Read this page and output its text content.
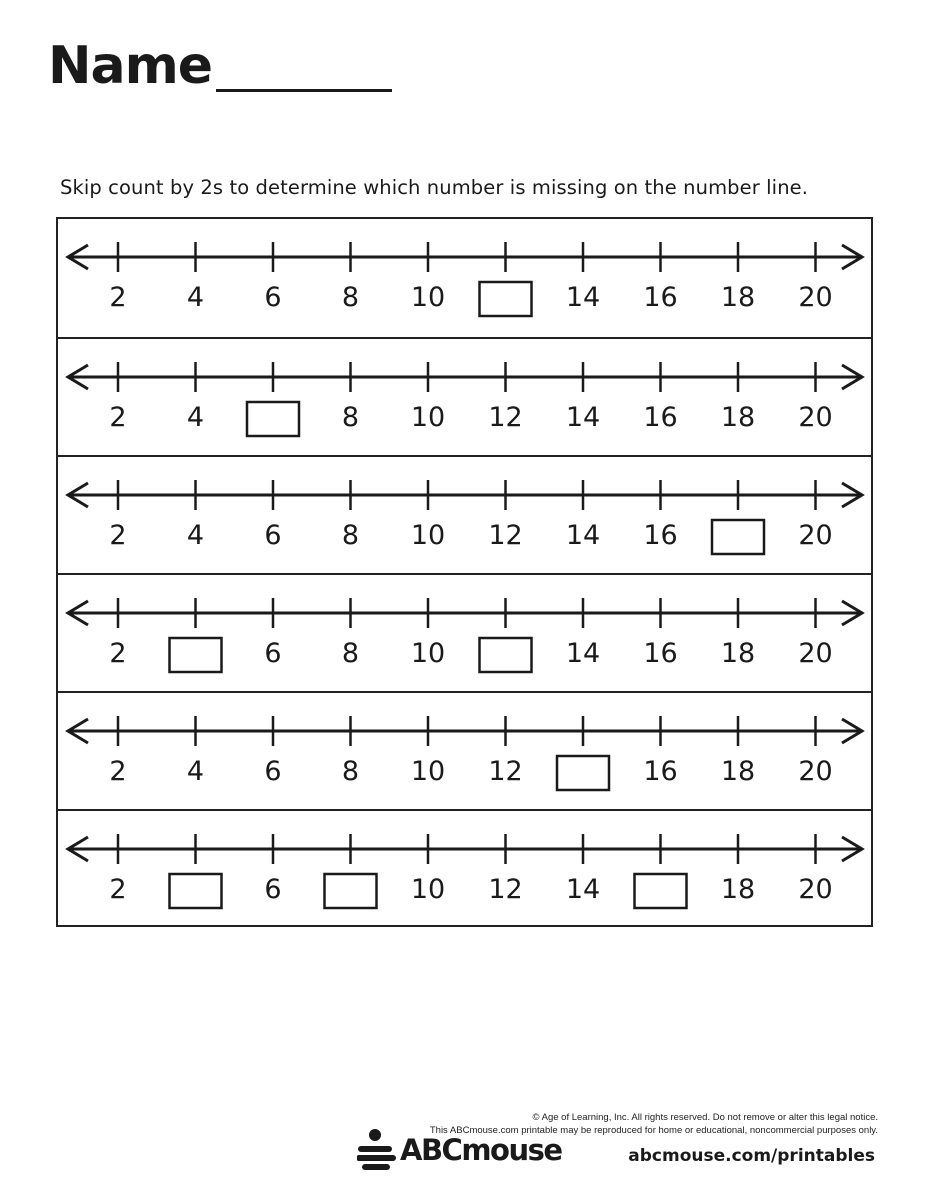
Name
Skip count by 2s to determine which number is missing on the number line.
2 4 6 8 10	14 16 18 20
2 4	8 10 12 14 16 18 20
2 4 6 8 10 12 14 16	20
2	6 8 10	14 16 18 20
2 4 6 8 10 12	16 18 20
2	6	10 12 14	18 20
© Age of Learning, Inc. All rights reserved. Do not remove or alter this legal notice.
This ABCmouse.com printable may be reproduced for home or educational, noncommercial purposes only.
ABCmouse	abcmouse.com/printables
